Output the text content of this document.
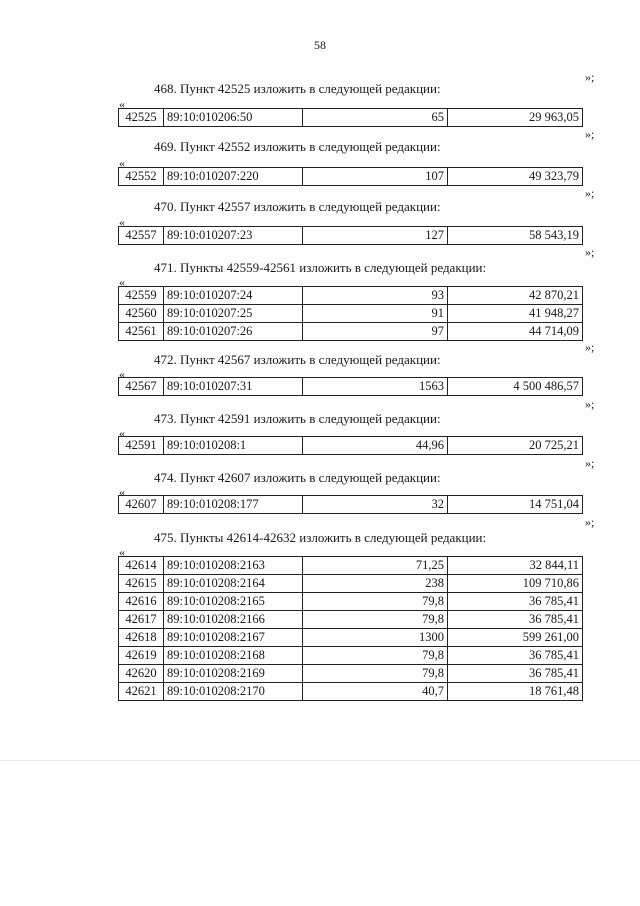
58
»;
468. Пункт 42525 изложить в следующей редакции:
«
42525	89:10:010206:50	65	29 963,05
»;
469. Пункт 42552 изложить в следующей редакции:
«
42552	89:10:010207:220	107	49 323,79
»;
470. Пункт 42557 изложить в следующей редакции:
«
42557	89:10:010207:23	127	58 543,19
»;
471. Пункты 42559-42561 изложить в следующей редакции:
«
42559	89:10:010207:24	93	42 870,21
42560	89:10:010207:25	91	41 948,27
42561	89:10:010207:26	97	44 714,09
»;
472. Пункт 42567 изложить в следующей редакции:
«
42567	89:10:010207:31	1563	4 500 486,57
»;
473. Пункт 42591 изложить в следующей редакции:
«
42591	89:10:010208:1	44,96	20 725,21
»;
474. Пункт 42607 изложить в следующей редакции:
«
42607	89:10:010208:177	32	14 751,04
»;
475. Пункты 42614-42632 изложить в следующей редакции:
«
42614	89:10:010208:2163	71,25	32 844,11
42615	89:10:010208:2164	238	109 710,86
42616	89:10:010208:2165	79,8	36 785,41
42617	89:10:010208:2166	79,8	36 785,41
42618	89:10:010208:2167	1300	599 261,00
42619	89:10:010208:2168	79,8	36 785,41
42620	89:10:010208:2169	79,8	36 785,41
42621	89:10:010208:2170	40,7	18 761,48
